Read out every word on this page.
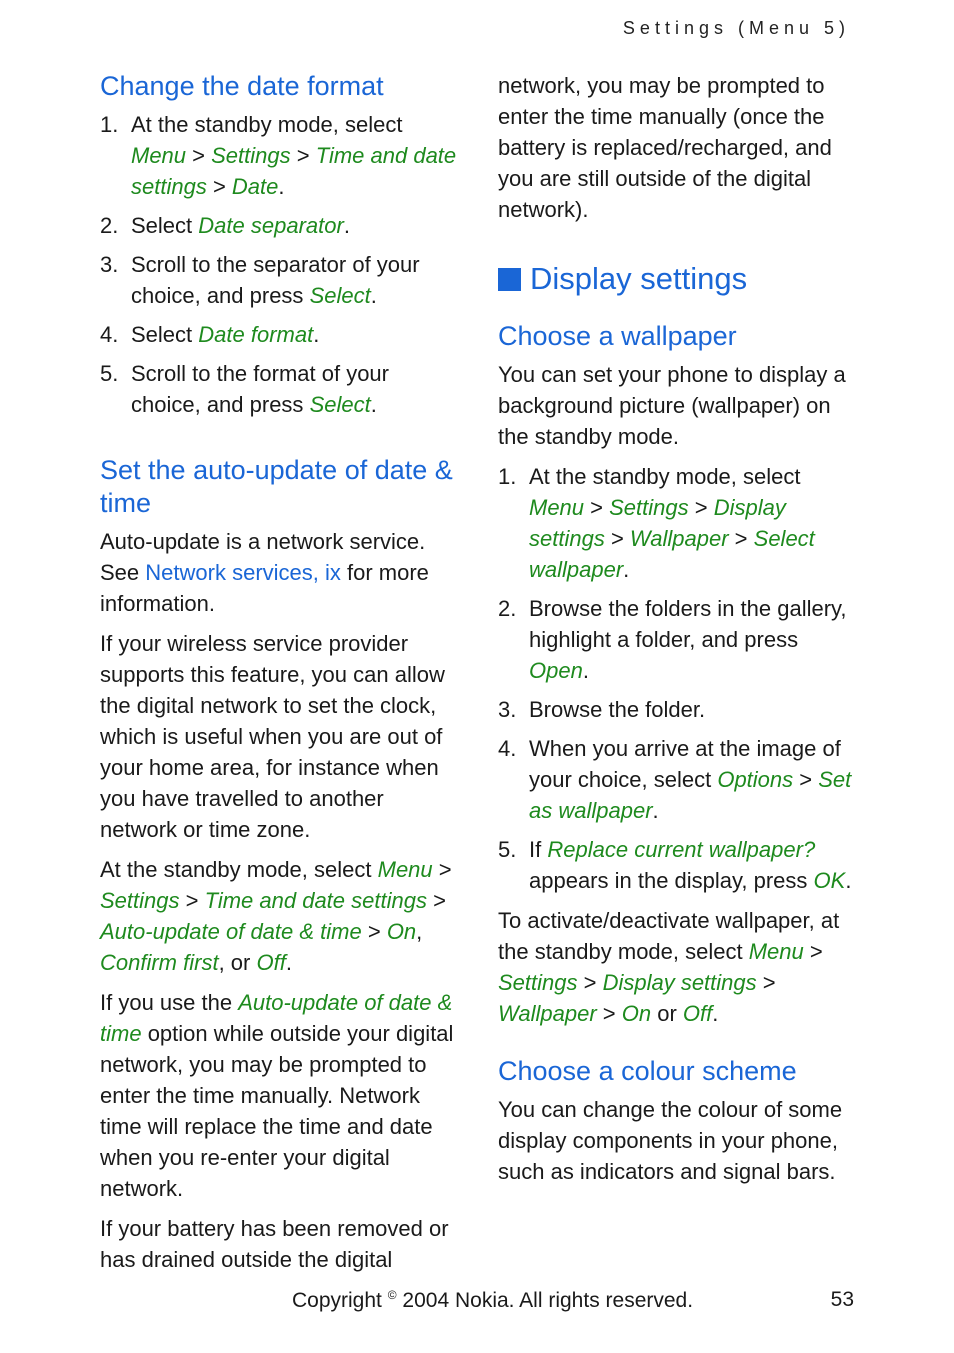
Settings (Menu 5)
Change the date format
1. At the standby mode, select Menu > Settings > Time and date settings > Date.
2. Select Date separator.
3. Scroll to the separator of your choice, and press Select.
4. Select Date format.
5. Scroll to the format of your choice, and press Select.
Set the auto-update of date & time

Auto-update is a network service. See Network services, ix for more information.

If your wireless service provider supports this feature, you can allow the digital network to set the clock, which is useful when you are out of your home area, for instance when you have travelled to another network or time zone.

At the standby mode, select Menu > Settings > Time and date settings > Auto-update of date & time > On, Confirm first, or Off.

If you use the Auto-update of date & time option while outside your digital network, you may be prompted to enter the time manually. Network time will replace the time and date when you re-enter your digital network.

If your battery has been removed or has drained outside the digital

network, you may be prompted to enter the time manually (once the battery is replaced/recharged, and you are still outside of the digital network).

Display settings
Choose a wallpaper

You can set your phone to display a background picture (wallpaper) on the standby mode.

1. At the standby mode, select Menu > Settings > Display settings > Wallpaper > Select wallpaper.
2. Browse the folders in the gallery, highlight a folder, and press Open.
3. Browse the folder.
4. When you arrive at the image of your choice, select Options > Set as wallpaper.
5. If Replace current wallpaper? appears in the display, press OK.

To activate/deactivate wallpaper, at the standby mode, select Menu > Settings > Display settings > Wallpaper > On or Off.

Choose a colour scheme

You can change the colour of some display components in your phone, such as indicators and signal bars.

Copyright © 2004 Nokia. All rights reserved.	53
